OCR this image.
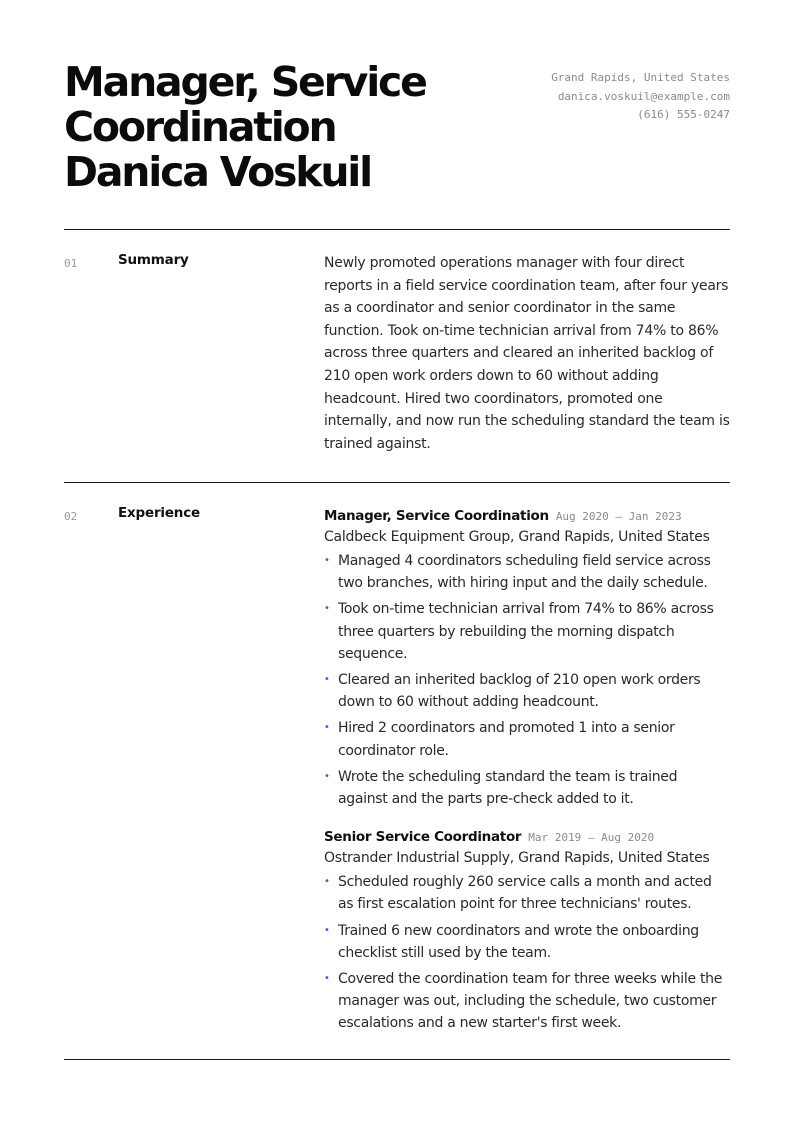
Manager, Service
Coordination
Danica Voskuil
Grand Rapids, United States
danica.voskuil@example.com
(616) 555-0247
01	Summary	Newly promoted operations manager with four direct reports in a field service coordination team, after four years as a coordinator and senior coordinator in the same function. Took on-time technician arrival from 74% to 86% across three quarters and cleared an inherited backlog of 210 open work orders down to 60 without adding headcount. Hired two coordinators, promoted one internally, and now run the scheduling standard the team is trained against.
02	Experience	Manager, Service Coordination Aug 2020 – Jan 2023
Caldbeck Equipment Group, Grand Rapids, United States
• Managed 4 coordinators scheduling field service across two branches, with hiring input and the daily schedule.
• Took on-time technician arrival from 74% to 86% across three quarters by rebuilding the morning dispatch sequence.
• Cleared an inherited backlog of 210 open work orders down to 60 without adding headcount.
• Hired 2 coordinators and promoted 1 into a senior coordinator role.
• Wrote the scheduling standard the team is trained against and the parts pre-check added to it.
Senior Service Coordinator Mar 2019 – Aug 2020
Ostrander Industrial Supply, Grand Rapids, United States
• Scheduled roughly 260 service calls a month and acted as first escalation point for three technicians' routes.
• Trained 6 new coordinators and wrote the onboarding checklist still used by the team.
• Covered the coordination team for three weeks while the manager was out, including the schedule, two customer escalations and a new starter's first week.
